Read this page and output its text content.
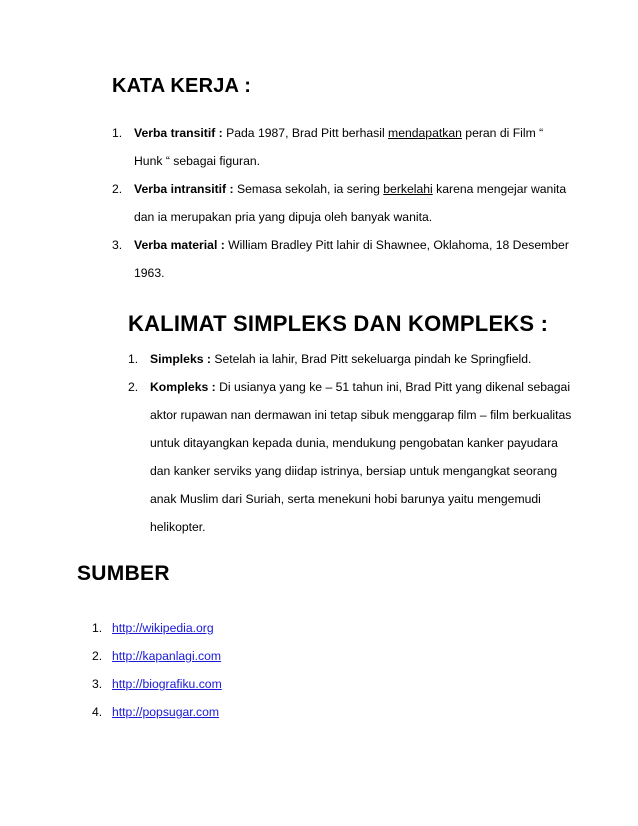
KATA KERJA :
1. Verba transitif : Pada 1987, Brad Pitt berhasil mendapatkan peran di Film “ Hunk “ sebagai figuran.
2. Verba intransitif : Semasa sekolah, ia sering berkelahi karena mengejar wanita dan ia merupakan pria yang dipuja oleh banyak wanita.
3. Verba material : William Bradley Pitt lahir di Shawnee, Oklahoma, 18 Desember 1963.
KALIMAT SIMPLEKS DAN KOMPLEKS :
1. Simpleks : Setelah ia lahir, Brad Pitt sekeluarga pindah ke Springfield.
2. Kompleks : Di usianya yang ke – 51 tahun ini, Brad Pitt yang dikenal sebagai aktor rupawan nan dermawan ini tetap sibuk menggarap film – film berkualitas untuk ditayangkan kepada dunia, mendukung pengobatan kanker payudara dan kanker serviks yang diidap istrinya, bersiap untuk mengangkat seorang anak Muslim dari Suriah, serta menekuni hobi barunya yaitu mengemudi helikopter.
SUMBER
1. http://wikipedia.org
2. http://kapanlagi.com
3. http://biografiku.com
4. http://popsugar.com
